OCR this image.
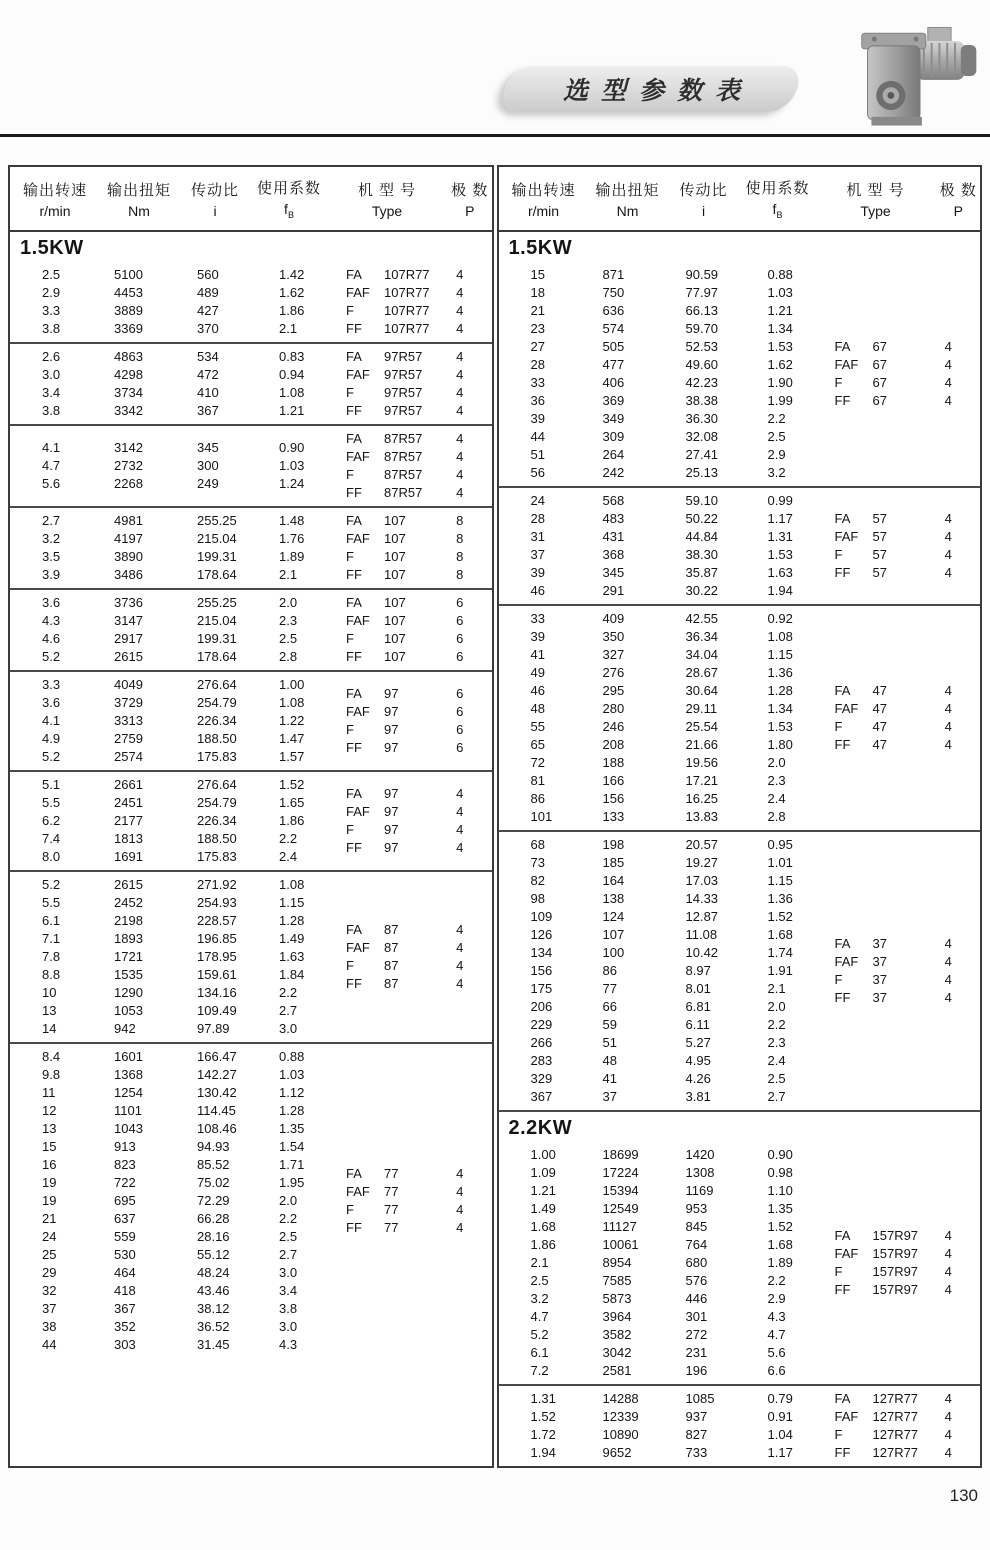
选型参数表
输出转速
r/min
输出扭矩
Nm
传动比
i
使用系数
$f_B$
机 型 号
Type
极 数
P
1.5KW
2.5
2.9
3.3
3.8
5100
4453
3889
3369
560
489
427
370
1.42
1.62
1.86
2.1
FA 107R77
FAF 107R77
F 107R77
FF 107R77
4
4
4
4
2.6
3.0
3.4
3.8
4863
4298
3734
3342
534
472
410
367
0.83
0.94
1.08
1.21
FA 97R57
FAF 97R57
F 97R57
FF 97R57
4
4
4
4
4.1
4.7
5.6
3142
2732
2268
345
300
249
0.90
1.03
1.24
FA 87R57
FAF 87R57
F 87R57
FF 87R57
4
4
4
4
2.7
3.2
3.5
3.9
4981
4197
3890
3486
255.25
215.04
199.31
178.64
1.48
1.76
1.89
2.1
FA 107
FAF 107
F 107
FF 107
8
8
8
8
3.6
4.3
4.6
5.2
3736
3147
2917
2615
255.25
215.04
199.31
178.64
2.0
2.3
2.5
2.8
FA 107
FAF 107
F 107
FF 107
6
6
6
6
3.3
3.6
4.1
4.9
5.2
4049
3729
3313
2759
2574
276.64
254.79
226.34
188.50
175.83
1.00
1.08
1.22
1.47
1.57
FA 97
FAF 97
F 97
FF 97
6
6
6
6
5.1
5.5
6.2
7.4
8.0
2661
2451
2177
1813
1691
276.64
254.79
226.34
188.50
175.83
1.52
1.65
1.86
2.2
2.4
FA 97
FAF 97
F 97
FF 97
4
4
4
4
5.2
5.5
6.1
7.1
7.8
8.8
10
13
14
2615
2452
2198
1893
1721
1535
1290
1053
942
271.92
254.93
228.57
196.85
178.95
159.61
134.16
109.49
97.89
1.08
1.15
1.28
1.49
1.63
1.84
2.2
2.7
3.0
FA 87
FAF 87
F 87
FF 87
4
4
4
4
8.4
9.8
11
12
13
15
16
19
19
21
24
25
29
32
37
38
44
1601
1368
1254
1101
1043
913
823
722
695
637
559
530
464
418
367
352
303
166.47
142.27
130.42
114.45
108.46
94.93
85.52
75.02
72.29
66.28
28.16
55.12
48.24
43.46
38.12
36.52
31.45
0.88
1.03
1.12
1.28
1.35
1.54
1.71
1.95
2.0
2.2
2.5
2.7
3.0
3.4
3.8
3.0
4.3
FA 77
FAF 77
F 77
FF 77
4
4
4
4
输出转速
r/min
输出扭矩
Nm
传动比
i
使用系数
$f_B$
机 型 号
Type
极 数
P
1.5KW
15
18
21
23
27
28
33
36
39
44
51
56
871
750
636
574
505
477
406
369
349
309
264
242
90.59
77.97
66.13
59.70
52.53
49.60
42.23
38.38
36.30
32.08
27.41
25.13
0.88
1.03
1.21
1.34
1.53
1.62
1.90
1.99
2.2
2.5
2.9
3.2
FA 67
FAF 67
F 67
FF 67
4
4
4
4
24
28
31
37
39
46
568
483
431
368
345
291
59.10
50.22
44.84
38.30
35.87
30.22
0.99
1.17
1.31
1.53
1.63
1.94
FA 57
FAF 57
F 57
FF 57
4
4
4
4
33
39
41
49
46
48
55
65
72
81
86
101
409
350
327
276
295
280
246
208
188
166
156
133
42.55
36.34
34.04
28.67
30.64
29.11
25.54
21.66
19.56
17.21
16.25
13.83
0.92
1.08
1.15
1.36
1.28
1.34
1.53
1.80
2.0
2.3
2.4
2.8
FA 47
FAF 47
F 47
FF 47
4
4
4
4
68
73
82
98
109
126
134
156
175
206
229
266
283
329
367
198
185
164
138
124
107
100
86
77
66
59
51
48
41
37
20.57
19.27
17.03
14.33
12.87
11.08
10.42
8.97
8.01
6.81
6.11
5.27
4.95
4.26
3.81
0.95
1.01
1.15
1.36
1.52
1.68
1.74
1.91
2.1
2.0
2.2
2.3
2.4
2.5
2.7
FA 37
FAF 37
F 37
FF 37
4
4
4
4
2.2KW
1.00
1.09
1.21
1.49
1.68
1.86
2.1
2.5
3.2
4.7
5.2
6.1
7.2
18699
17224
15394
12549
11127
10061
8954
7585
5873
3964
3582
3042
2581
1420
1308
1169
953
845
764
680
576
446
301
272
231
196
0.90
0.98
1.10
1.35
1.52
1.68
1.89
2.2
2.9
4.3
4.7
5.6
6.6
FA 157R97
FAF 157R97
F 157R97
FF 157R97
4
4
4
4
1.31
1.52
1.72
1.94
14288
12339
10890
9652
1085
937
827
733
0.79
0.91
1.04
1.17
FA 127R77
FAF 127R77
F 127R77
FF 127R77
4
4
4
4
130
